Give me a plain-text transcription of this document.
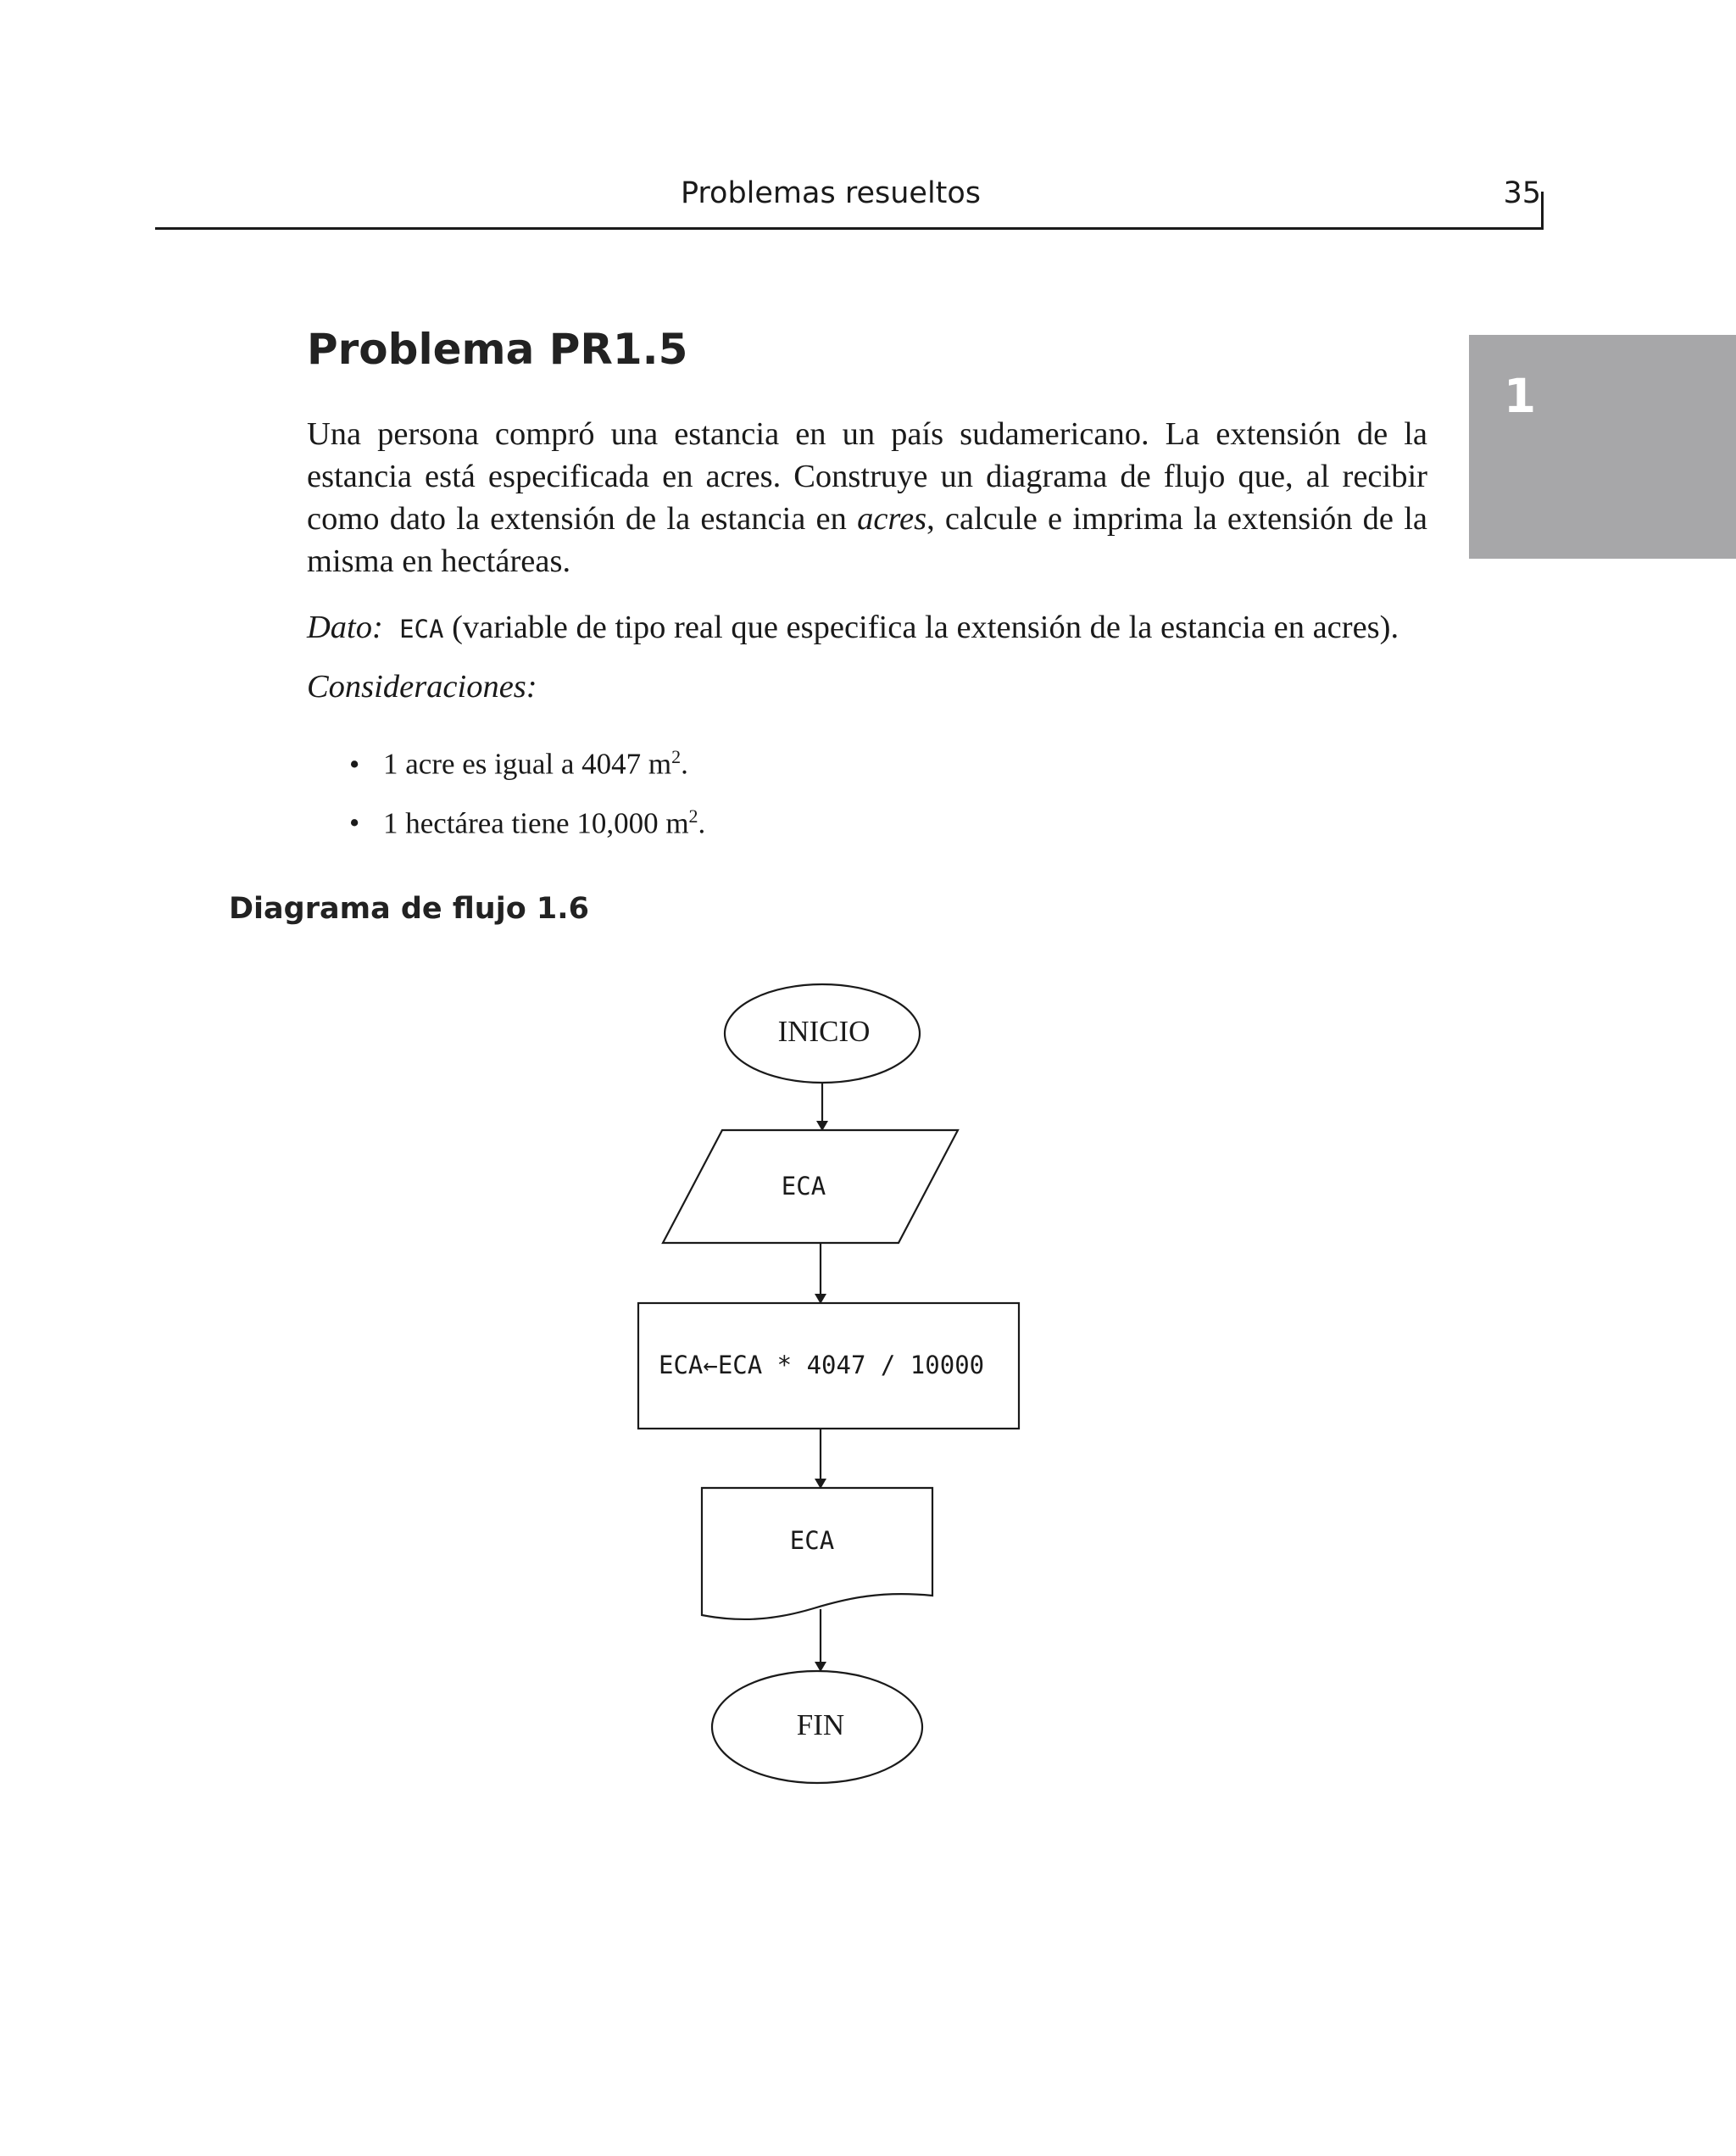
Problemas resueltos	35
1
Problema PR1.5

Una persona compró una estancia en un país sudamericano. La extensión de la estancia está especificada en acres. Construye un diagrama de flujo que, al recibir como dato la extensión de la estancia en acres, calcule e imprima la extensión de la misma en hectáreas.

Dato: ECA (variable de tipo real que especifica la extensión de la estancia en acres).

Consideraciones:

• 1 acre es igual a 4047 $m^2$.
• 1 hectárea tiene 10,000 $m^2$.
Diagrama de flujo 1.6
INICIO
ECA
ECA←ECA * 4047 / 10000
ECA
FIN
